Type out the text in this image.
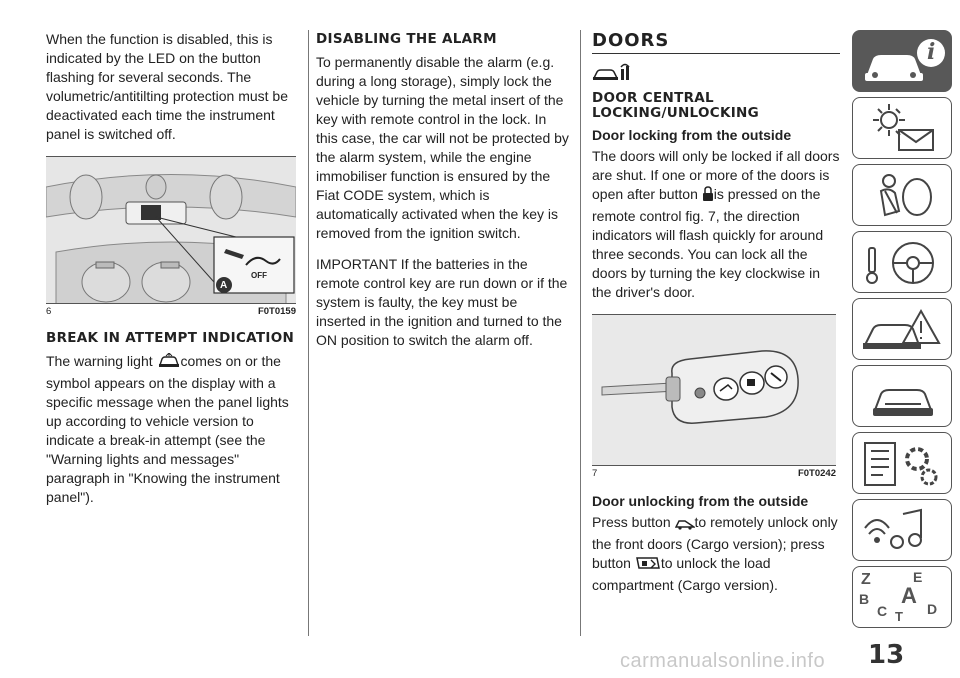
When the function is disabled, this is indicated by the LED on the button flashing for several seconds. The volumetric/antitilting protection must be deactivated each time the instrument panel is switched off.

A
OFF
6	F0T0159
BREAK IN ATTEMPT INDICATION

The warning light comes on or the symbol appears on the display with a specific message when the panel lights up according to vehicle version to indicate a break-in attempt (see the "Warning lights and messages" paragraph in "Knowing the instrument panel").

DISABLING THE ALARM

To permanently disable the alarm (e.g. during a long storage), simply lock the vehicle by turning the metal insert of the key with remote control in the lock. In this case, the car will not be protected by the alarm system, while the engine immobiliser function is ensured by the Fiat CODE system, which is automatically activated when the key is removed from the ignition switch.

IMPORTANT If the batteries in the remote control key are run down or if the system is faulty, the key must be inserted in the ignition and turned to the ON position to switch the alarm off.

DOORS
DOOR CENTRAL LOCKING/UNLOCKING
Door locking from the outside

The doors will only be locked if all doors are shut. If one or more of the doors is open after button is pressed on the remote control fig. 7, the direction indicators will flash quickly for around three seconds. You can lock all the doors by turning the key clockwise in the driver's door.

7	F0T0242
Door unlocking from the outside

Press button to remotely unlock only the front doors (Cargo version); press button to unlock the load compartment (Cargo version).

i
Z	E
A
B
C	D
T
13
carmanualsonline.info
